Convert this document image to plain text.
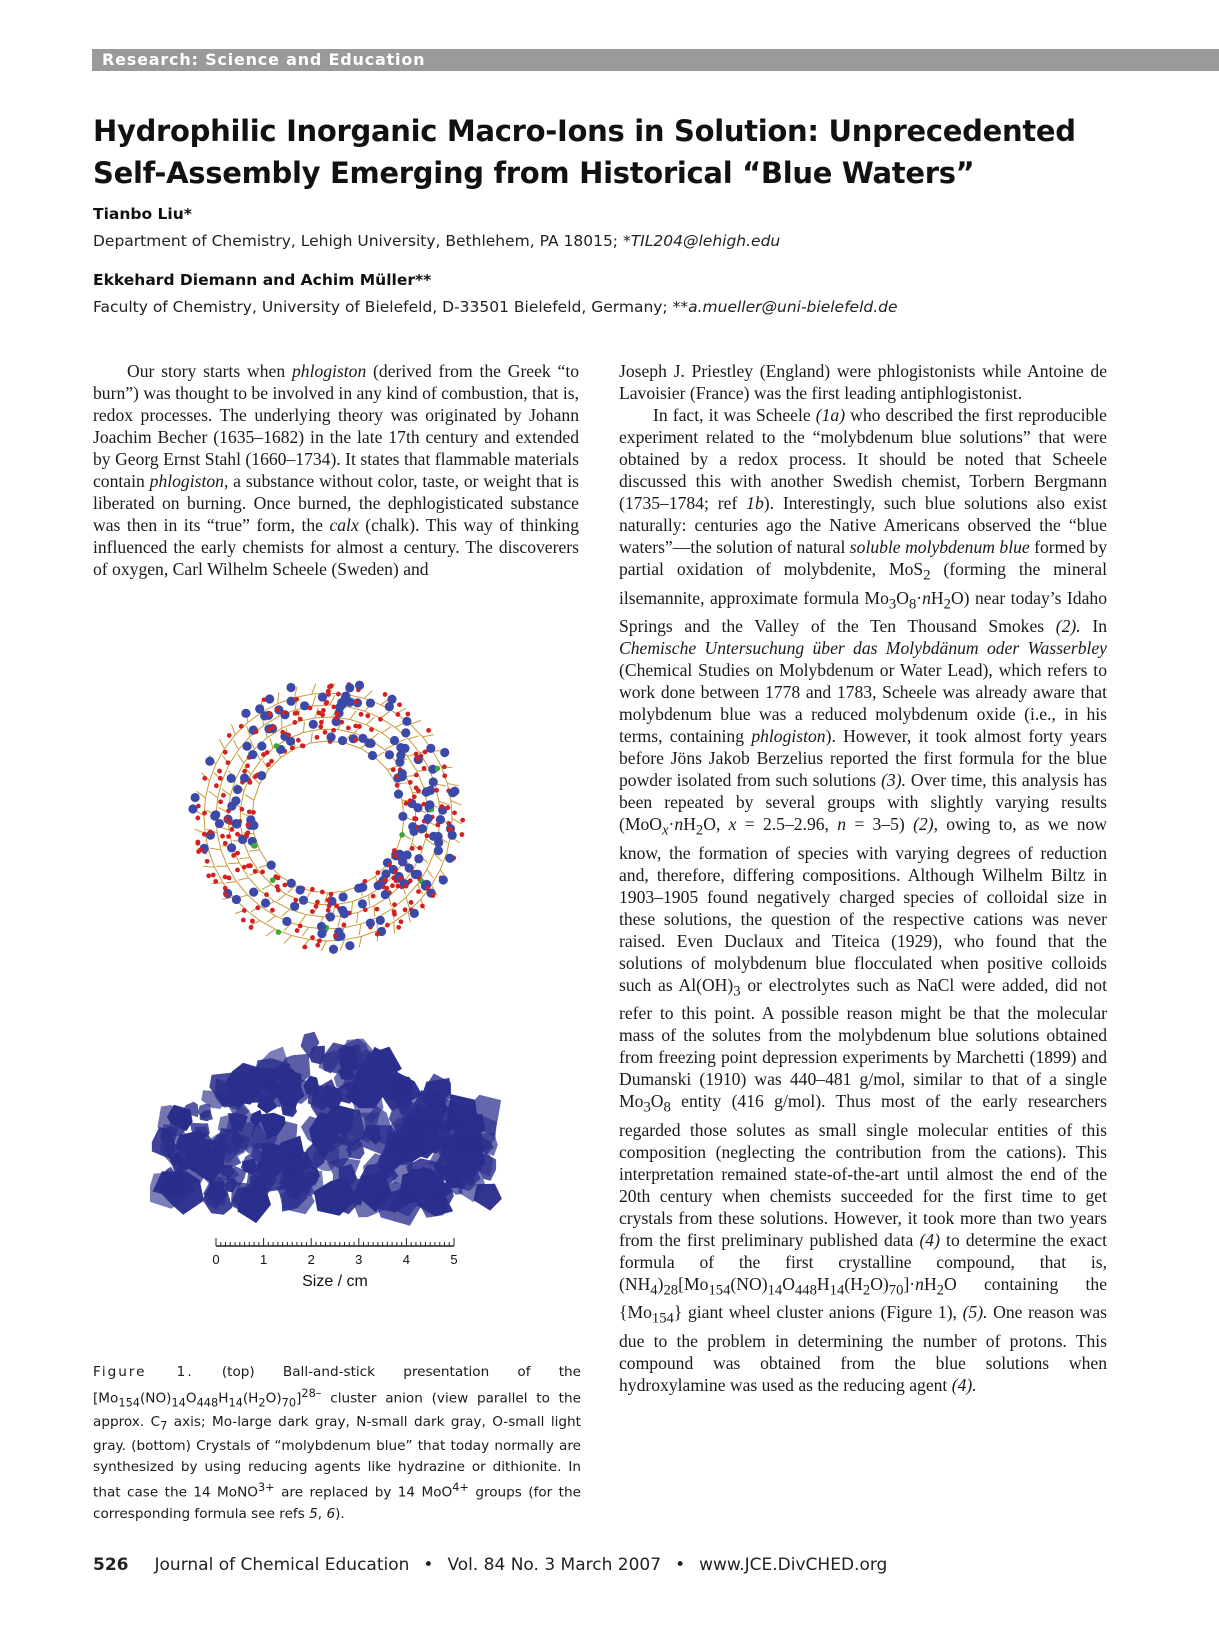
Research: Science and Education
Hydrophilic Inorganic Macro-Ions in Solution: Unprecedented
Self-Assembly Emerging from Historical “Blue Waters”
Tianbo Liu*
Department of Chemistry, Lehigh University, Bethlehem, PA 18015; *TIL204@lehigh.edu
Ekkehard Diemann and Achim Müller**
Faculty of Chemistry, University of Bielefeld, D-33501 Bielefeld, Germany; **a.mueller@uni-bielefeld.de

Our story starts when phlogiston (derived from the Greek “to burn”) was thought to be involved in any kind of combustion, that is, redox processes. The underlying theory was originated by Johann Joachim Becher (1635–1682) in the late 17th century and extended by Georg Ernst Stahl (1660–1734). It states that flammable materials contain phlogiston, a substance without color, taste, or weight that is liberated on burning. Once burned, the dephlogisticated substance was then in its “true” form, the calx (chalk). This way of thinking influenced the early chemists for almost a century. The discoverers of oxygen, Carl Wilhelm Scheele (Sweden) and

Size / cm
0	1	2	3	4	5
Figure 1. (top) Ball-and-stick presentation of the $[Mo_{154}(NO)_{14}O_{448}H_{14}(H_2O)_{70}]^{28-}$ cluster anion (view parallel to the approx. $C_7$ axis; Mo-large dark gray, N-small dark gray, O-small light gray. (bottom) Crystals of “molybdenum blue” that today normally are synthesized by using reducing agents like hydrazine or dithionite. In that case the 14 MoNO$^{3+}$ are replaced by 14 MoO$^{4+}$ groups (for the corresponding formula see refs 5, 6).

Joseph J. Priestley (England) were phlogistonists while Antoine de Lavoisier (France) was the first leading antiphlogistonist.

In fact, it was Scheele (1a) who described the first reproducible experiment related to the “molybdenum blue solutions” that were obtained by a redox process. It should be noted that Scheele discussed this with another Swedish chemist, Torbern Bergmann (1735–1784; ref 1b). Interestingly, such blue solutions also exist naturally: centuries ago the Native Americans observed the “blue waters”—the solution of natural soluble molybdenum blue formed by partial oxidation of molybdenite, MoS$_2$ (forming the mineral ilsemannite, approximate formula $Mo_3O_8\cdot nH_2O$) near today’s Idaho Springs and the Valley of the Ten Thousand Smokes (2). In Chemische Untersuchung über das Molybdänum oder Wasserbley (Chemical Studies on Molybdenum or Water Lead), which refers to work done between 1778 and 1783, Scheele was already aware that molybdenum blue was a reduced molybdenum oxide (i.e., in his terms, containing phlogiston). However, it took almost forty years before Jöns Jakob Berzelius reported the first formula for the blue powder isolated from such solutions (3). Over time, this analysis has been repeated by several groups with slightly varying results ($MoO_x\cdot nH_2O$, x = 2.5–2.96, n = 3–5) (2), owing to, as we now know, the formation of species with varying degrees of reduction and, therefore, differing compositions. Although Wilhelm Biltz in 1903–1905 found negatively charged species of colloidal size in these solutions, the question of the respective cations was never raised. Even Duclaux and Titeica (1929), who found that the solutions of molybdenum blue flocculated when positive colloids such as $Al(OH)_3$ or electrolytes such as NaCl were added, did not refer to this point. A possible reason might be that the molecular mass of the solutes from the molybdenum blue solutions obtained from freezing point depression experiments by Marchetti (1899) and Dumanski (1910) was 440–481 g/mol, similar to that of a single $Mo_3O_8$ entity (416 g/mol). Thus most of the early researchers regarded those solutes as small single molecular entities of this composition (neglecting the contribution from the cations). This interpretation remained state-of-the-art until almost the end of the 20th century when chemists succeeded for the first time to get crystals from these solutions. However, it took more than two years from the first preliminary published data (4) to determine the exact formula of the first crystalline compound, that is, $(NH_4)_{28}[Mo_{154}(NO)_{14}O_{448}H_{14}(H_2O)_{70}]\cdot nH_2O$ containing the $\{Mo_{154}\}$ giant wheel cluster anions (Figure 1), (5). One reason was due to the problem in determining the number of protons. This compound was obtained from the blue solutions when hydroxylamine was used as the reducing agent (4).

526 Journal of Chemical Education • Vol. 84 No. 3 March 2007 • www.JCE.DivCHED.org
